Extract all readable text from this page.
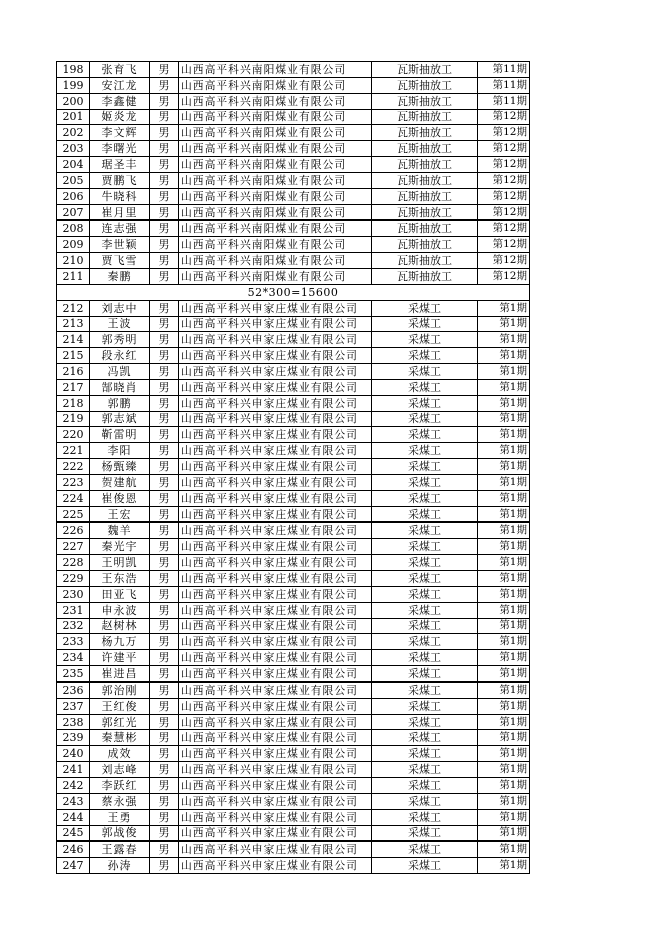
198	张育飞	男	山西高平科兴南阳煤业有限公司	瓦斯抽放工	第11期
199	安江龙	男	山西高平科兴南阳煤业有限公司	瓦斯抽放工	第11期
200	李鑫健	男	山西高平科兴南阳煤业有限公司	瓦斯抽放工	第11期
201	姬炎龙	男	山西高平科兴南阳煤业有限公司	瓦斯抽放工	第12期
202	李文辉	男	山西高平科兴南阳煤业有限公司	瓦斯抽放工	第12期
203	李曙光	男	山西高平科兴南阳煤业有限公司	瓦斯抽放工	第12期
204	琚圣丰	男	山西高平科兴南阳煤业有限公司	瓦斯抽放工	第12期
205	贾鹏飞	男	山西高平科兴南阳煤业有限公司	瓦斯抽放工	第12期
206	牛晓科	男	山西高平科兴南阳煤业有限公司	瓦斯抽放工	第12期
207	崔月里	男	山西高平科兴南阳煤业有限公司	瓦斯抽放工	第12期
208	连志强	男	山西高平科兴南阳煤业有限公司	瓦斯抽放工	第12期
209	李世颖	男	山西高平科兴南阳煤业有限公司	瓦斯抽放工	第12期
210	贾飞雪	男	山西高平科兴南阳煤业有限公司	瓦斯抽放工	第12期
211	秦鹏	男	山西高平科兴南阳煤业有限公司	瓦斯抽放工	第12期
52*300=15600					
212	刘志中	男	山西高平科兴申家庄煤业有限公司	采煤工	第1期
213	王波	男	山西高平科兴申家庄煤业有限公司	采煤工	第1期
214	郭秀明	男	山西高平科兴申家庄煤业有限公司	采煤工	第1期
215	段永红	男	山西高平科兴申家庄煤业有限公司	采煤工	第1期
216	冯凯	男	山西高平科兴申家庄煤业有限公司	采煤工	第1期
217	郜晓肖	男	山西高平科兴申家庄煤业有限公司	采煤工	第1期
218	郭鹏	男	山西高平科兴申家庄煤业有限公司	采煤工	第1期
219	郭志斌	男	山西高平科兴申家庄煤业有限公司	采煤工	第1期
220	靳雷明	男	山西高平科兴申家庄煤业有限公司	采煤工	第1期
221	李阳	男	山西高平科兴申家庄煤业有限公司	采煤工	第1期
222	杨甄臻	男	山西高平科兴申家庄煤业有限公司	采煤工	第1期
223	贺建航	男	山西高平科兴申家庄煤业有限公司	采煤工	第1期
224	崔俊恩	男	山西高平科兴申家庄煤业有限公司	采煤工	第1期
225	王宏	男	山西高平科兴申家庄煤业有限公司	采煤工	第1期
226	魏羊	男	山西高平科兴申家庄煤业有限公司	采煤工	第1期
227	秦光宇	男	山西高平科兴申家庄煤业有限公司	采煤工	第1期
228	王明凯	男	山西高平科兴申家庄煤业有限公司	采煤工	第1期
229	王东浩	男	山西高平科兴申家庄煤业有限公司	采煤工	第1期
230	田亚飞	男	山西高平科兴申家庄煤业有限公司	采煤工	第1期
231	申永波	男	山西高平科兴申家庄煤业有限公司	采煤工	第1期
232	赵树林	男	山西高平科兴申家庄煤业有限公司	采煤工	第1期
233	杨九万	男	山西高平科兴申家庄煤业有限公司	采煤工	第1期
234	许建平	男	山西高平科兴申家庄煤业有限公司	采煤工	第1期
235	崔进昌	男	山西高平科兴申家庄煤业有限公司	采煤工	第1期
236	郭治刚	男	山西高平科兴申家庄煤业有限公司	采煤工	第1期
237	王红俊	男	山西高平科兴申家庄煤业有限公司	采煤工	第1期
238	郭红光	男	山西高平科兴申家庄煤业有限公司	采煤工	第1期
239	秦慧彬	男	山西高平科兴申家庄煤业有限公司	采煤工	第1期
240	成效	男	山西高平科兴申家庄煤业有限公司	采煤工	第1期
241	刘志峰	男	山西高平科兴申家庄煤业有限公司	采煤工	第1期
242	李跃红	男	山西高平科兴申家庄煤业有限公司	采煤工	第1期
243	蔡永强	男	山西高平科兴申家庄煤业有限公司	采煤工	第1期
244	王勇	男	山西高平科兴申家庄煤业有限公司	采煤工	第1期
245	郭战俊	男	山西高平科兴申家庄煤业有限公司	采煤工	第1期
246	王露春	男	山西高平科兴申家庄煤业有限公司	采煤工	第1期
247	孙涛	男	山西高平科兴申家庄煤业有限公司	采煤工	第1期
